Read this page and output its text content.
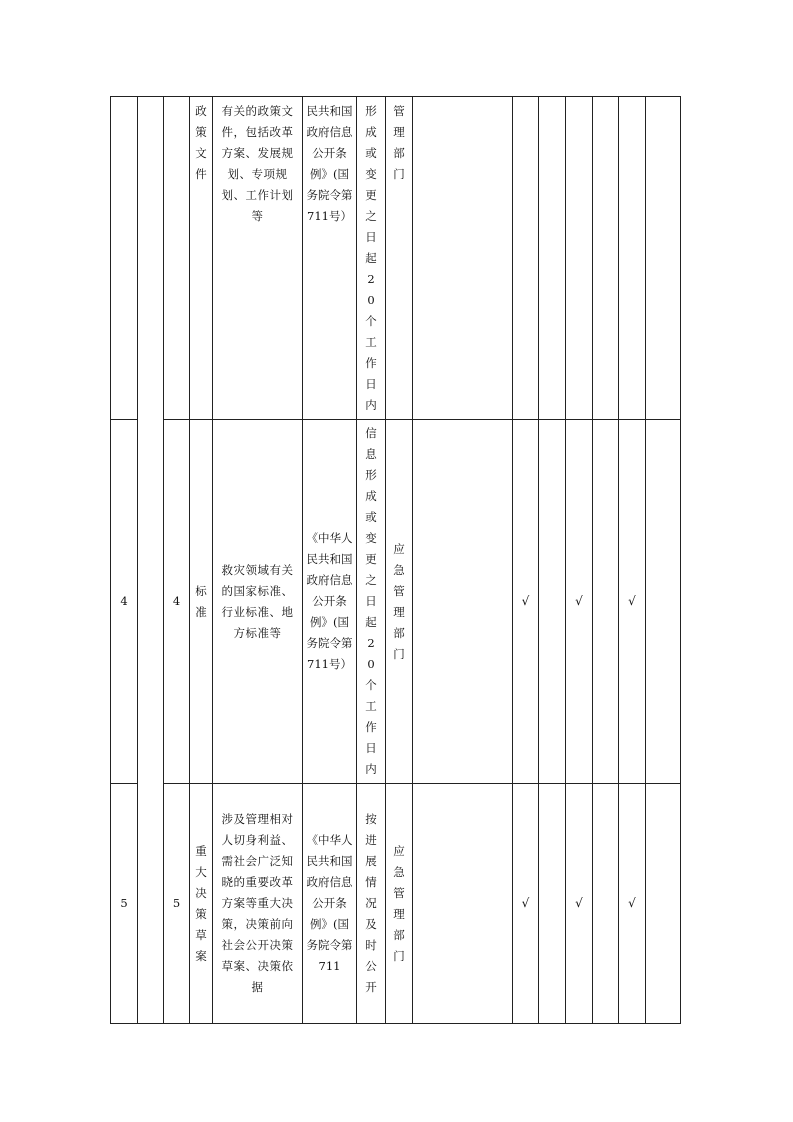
			政策文件	有关的政策文件，包括改革方案、发展规划、专项规划、工作计划等	民共和国政府信息公开条例》(国务院令第711号）	形成或变更之日起20个工作日内	管理部门							
4		4	标准	救灾领域有关的国家标准、行业标准、地方标准等	《中华人民共和国政府信息公开条例》(国务院令第711号）	信息形成或变更之日起20个工作日内	应急管理部门		√		√		√	
5		5	重大决策草案	涉及管理相对人切身利益、需社会广泛知晓的重要改革方案等重大决策，决策前向社会公开决策草案、决策依据	《中华人民共和国政府信息公开条例》(国务院令第711	按进展情况及时公开	应急管理部门		√		√		√	
